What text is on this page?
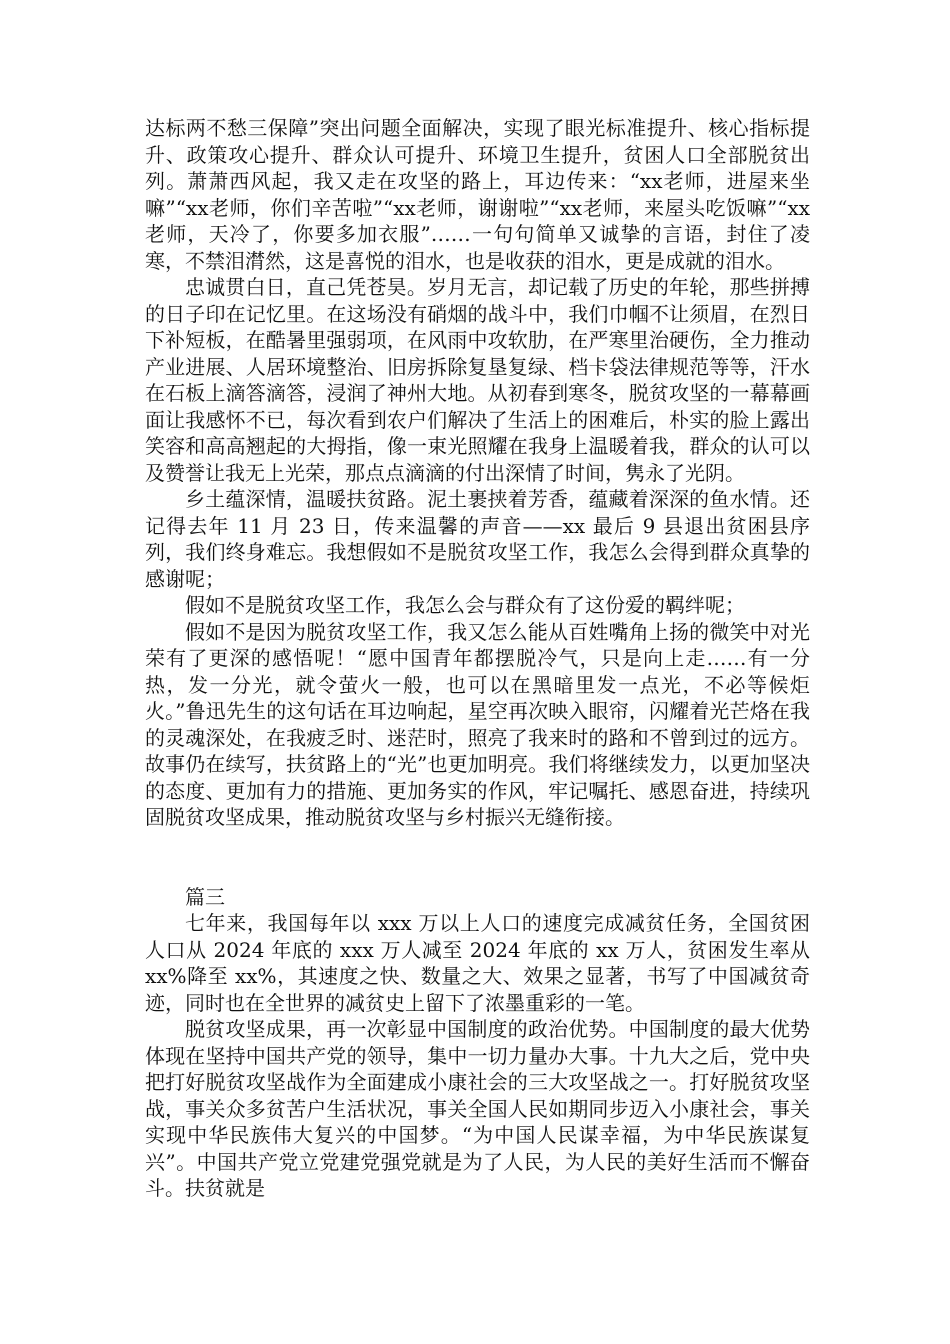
达标两不愁三保障”突出问题全面解决，实现了眼光标准提升、核心指标提升、政策攻心提升、群众认可提升、环境卫生提升，贫困人口全部脱贫出列。萧萧西风起，我又走在攻坚的路上，耳边传来：“xx老师，进屋来坐嘛”“xx老师，你们辛苦啦”“xx老师，谢谢啦”“xx老师，来屋头吃饭嘛”“xx老师，天冷了，你要多加衣服”……一句句简单又诚挚的言语，封住了凌寒，不禁泪潸然，这是喜悦的泪水，也是收获的泪水，更是成就的泪水。

忠诚贯白日，直己凭苍昊。岁月无言，却记载了历史的年轮，那些拼搏的日子印在记忆里。在这场没有硝烟的战斗中，我们巾帼不让须眉，在烈日下补短板，在酷暑里强弱项，在风雨中攻软肋，在严寒里治硬伤，全力推动产业进展、人居环境整治、旧房拆除复垦复绿、档卡袋法律规范等等，汗水在石板上滴答滴答，浸润了神州大地。从初春到寒冬，脱贫攻坚的一幕幕画面让我感怀不已，每次看到农户们解决了生活上的困难后，朴实的脸上露出笑容和高高翘起的大拇指，像一束光照耀在我身上温暖着我，群众的认可以及赞誉让我无上光荣，那点点滴滴的付出深情了时间，隽永了光阴。

乡土蕴深情，温暖扶贫路。泥土裹挟着芳香，蕴藏着深深的鱼水情。还记得去年 11 月 23 日，传来温馨的声音——xx 最后 9 县退出贫困县序列，我们终身难忘。我想假如不是脱贫攻坚工作，我怎么会得到群众真挚的感谢呢；

假如不是脱贫攻坚工作，我怎么会与群众有了这份爱的羁绊呢；

假如不是因为脱贫攻坚工作，我又怎么能从百姓嘴角上扬的微笑中对光荣有了更深的感悟呢！“愿中国青年都摆脱冷气，只是向上走……有一分热，发一分光，就令萤火一般，也可以在黑暗里发一点光，不必等候炬火。”鲁迅先生的这句话在耳边响起，星空再次映入眼帘，闪耀着光芒烙在我的灵魂深处，在我疲乏时、迷茫时，照亮了我来时的路和不曾到过的远方。故事仍在续写，扶贫路上的“光”也更加明亮。我们将继续发力，以更加坚决的态度、更加有力的措施、更加务实的作风，牢记嘱托、感恩奋进，持续巩固脱贫攻坚成果，推动脱贫攻坚与乡村振兴无缝衔接。

篇三

七年来，我国每年以 xxx 万以上人口的速度完成减贫任务，全国贫困人口从 2024 年底的 xxx 万人减至 2024 年底的 xx 万人，贫困发生率从 xx%降至 xx%，其速度之快、数量之大、效果之显著，书写了中国减贫奇迹，同时也在全世界的减贫史上留下了浓墨重彩的一笔。

脱贫攻坚成果，再一次彰显中国制度的政治优势。中国制度的最大优势体现在坚持中国共产党的领导，集中一切力量办大事。十九大之后，党中央把打好脱贫攻坚战作为全面建成小康社会的三大攻坚战之一。打好脱贫攻坚战，事关众多贫苦户生活状况，事关全国人民如期同步迈入小康社会，事关实现中华民族伟大复兴的中国梦。“为中国人民谋幸福，为中华民族谋复兴”。中国共产党立党建党强党就是为了人民，为人民的美好生活而不懈奋斗。扶贫就是
